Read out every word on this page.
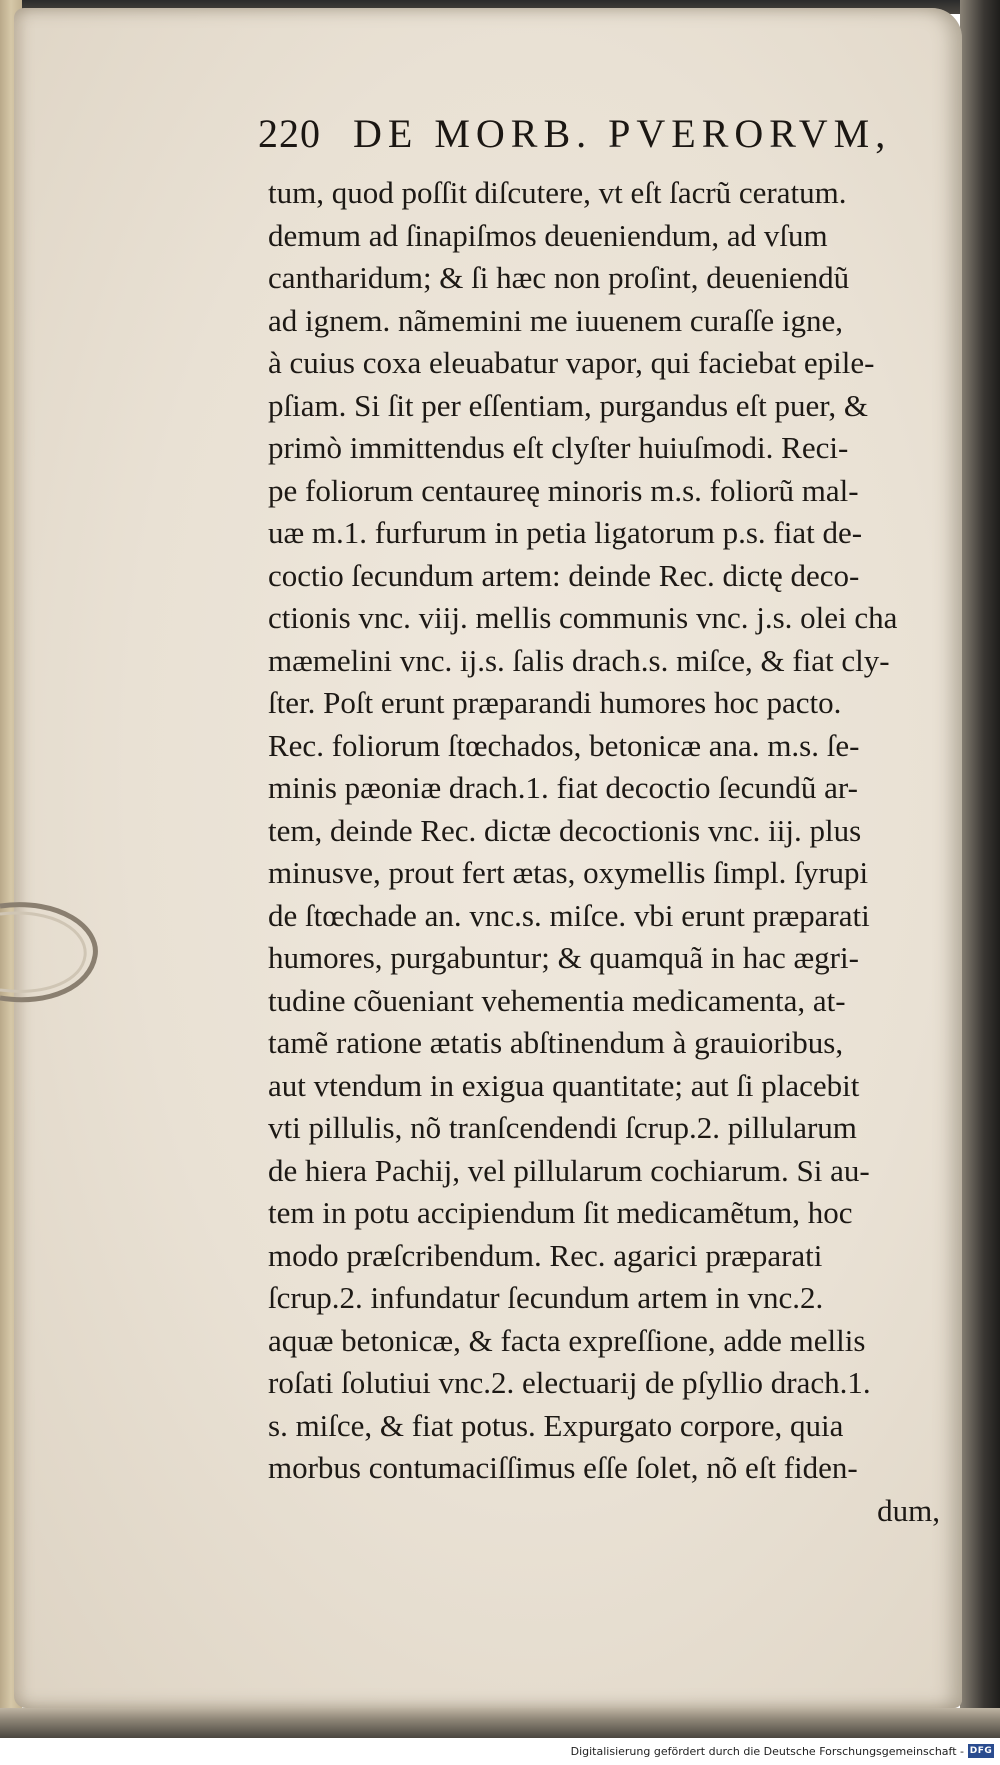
220 DE MORB. PVERORVM,
tum, quod poſſit diſcutere, vt eſt ſacrũ ceratum.
demum ad ſinapiſmos deueniendum, ad vſum
cantharidum; & ſi hæc non proſint, deueniendũ
ad ignem. nãmemini me iuuenem curaſſe igne,
à cuius coxa eleuabatur vapor, qui faciebat epile-
pſiam. Si ſit per eſſentiam, purgandus eſt puer, &
primò immittendus eſt clyſter huiuſmodi. Reci-
pe foliorum centaureę minoris m.s. foliorũ mal-
uæ m.1. furfurum in petia ligatorum p.s. fiat de-
coctio ſecundum artem: deinde Rec. dictę deco-
ctionis vnc. viij. mellis communis vnc. j.s. olei cha
mæmelini vnc. ij.s. ſalis drach.s. miſce, & fiat cly-
ſter. Poſt erunt præparandi humores hoc pacto.
Rec. foliorum ſtœchados, betonicæ ana. m.s. ſe-
minis pæoniæ drach.1. fiat decoctio ſecundũ ar-
tem, deinde Rec. dictæ decoctionis vnc. iij. plus
minusve, prout fert ætas, oxymellis ſimpl. ſyrupi
de ſtœchade an. vnc.s. miſce. vbi erunt præparati
humores, purgabuntur; & quamquã in hac ægri-
tudine cõueniant vehementia medicamenta, at-
tamẽ ratione ætatis abſtinendum à grauioribus,
aut vtendum in exigua quantitate; aut ſi placebit
vti pillulis, nõ tranſcendendi ſcrup.2. pillularum
de hiera Pachij, vel pillularum cochiarum. Si au-
tem in potu accipiendum ſit medicamẽtum, hoc
modo præſcribendum. Rec. agarici præparati
ſcrup.2. infundatur ſecundum artem in vnc.2.
aquæ betonicæ, & facta expreſſione, adde mellis
roſati ſolutiui vnc.2. electuarij de pſyllio drach.1.
s. miſce, & fiat potus. Expurgato corpore, quia
morbus contumaciſſimus eſſe ſolet, nõ eſt fiden-
dum,
Digitalisierung gefördert durch die Deutsche Forschungsgemeinschaft - DFG
